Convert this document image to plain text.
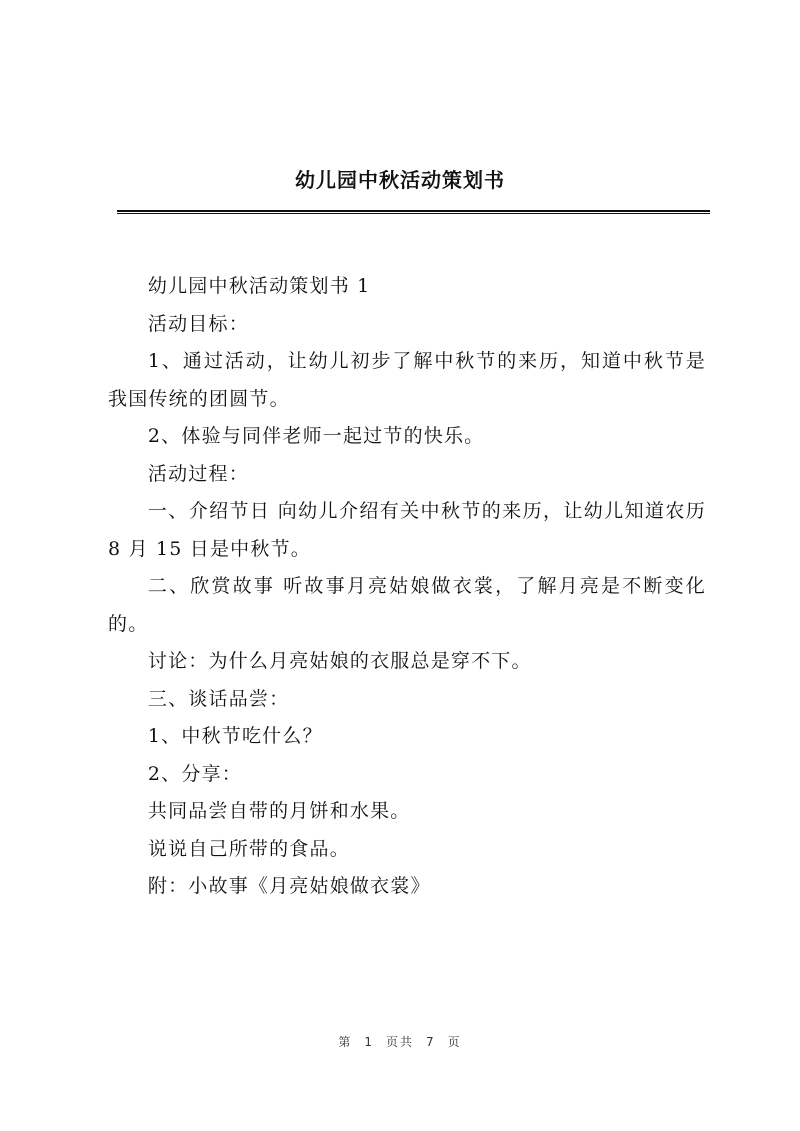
幼儿园中秋活动策划书

幼儿园中秋活动策划书 1

活动目标：

1、通过活动，让幼儿初步了解中秋节的来历，知道中秋节是我国传统的团圆节。

2、体验与同伴老师一起过节的快乐。

活动过程：

一、介绍节日 向幼儿介绍有关中秋节的来历，让幼儿知道农历 8 月 15 日是中秋节。

二、欣赏故事 听故事月亮姑娘做衣裳，了解月亮是不断变化的。

讨论：为什么月亮姑娘的衣服总是穿不下。

三、谈话品尝：

1、中秋节吃什么？

2、分享：

共同品尝自带的月饼和水果。

说说自己所带的食品。

附：小故事《月亮姑娘做衣裳》

第 1 页共 7 页
